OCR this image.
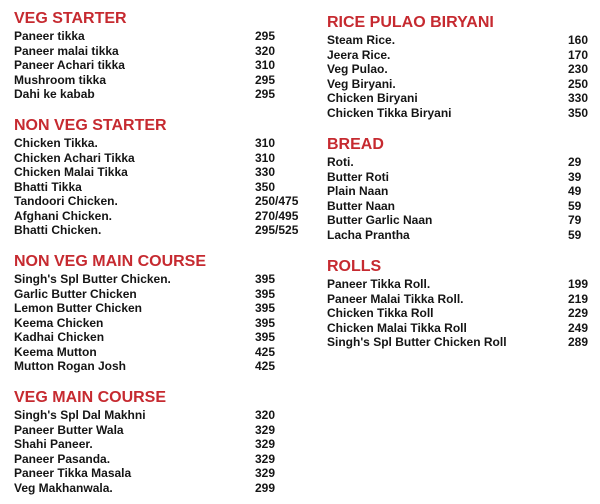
VEG STARTER
Paneer tikka	295
Paneer malai tikka	320
Paneer Achari tikka	310
Mushroom tikka	295
Dahi ke kabab	295
NON VEG STARTER
Chicken Tikka.	310
Chicken Achari Tikka	310
Chicken Malai Tikka	330
Bhatti Tikka	350
Tandoori Chicken.	250/475
Afghani Chicken.	270/495
Bhatti Chicken.	295/525
NON VEG MAIN COURSE
Singh's Spl Butter Chicken.	395
Garlic Butter Chicken	395
Lemon Butter Chicken	395
Keema Chicken	395
Kadhai Chicken	395
Keema Mutton	425
Mutton Rogan Josh	425
VEG MAIN COURSE
Singh's Spl Dal Makhni	320
Paneer Butter Wala	329
Shahi Paneer.	329
Paneer Pasanda.	329
Paneer Tikka Masala	329
Veg Makhanwala.	299
RICE PULAO BIRYANI
Steam Rice.	160
Jeera Rice.	170
Veg Pulao.	230
Veg Biryani.	250
Chicken Biryani	330
Chicken Tikka Biryani	350
BREAD
Roti.	29
Butter Roti	39
Plain Naan	49
Butter Naan	59
Butter Garlic Naan	79
Lacha Prantha	59
ROLLS
Paneer Tikka Roll.	199
Paneer Malai Tikka Roll.	219
Chicken Tikka Roll	229
Chicken Malai Tikka Roll	249
Singh's Spl Butter Chicken Roll	289
